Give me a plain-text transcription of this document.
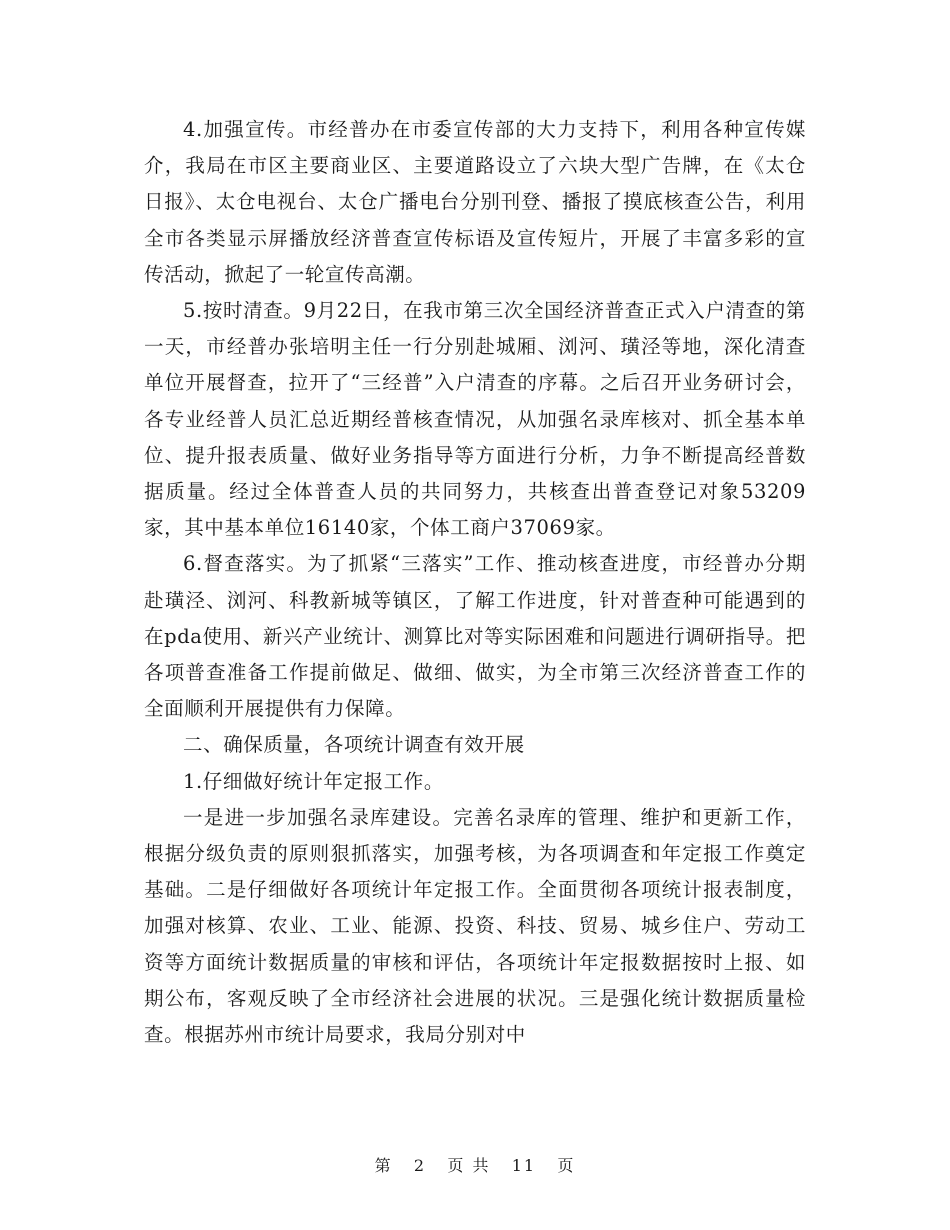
4.加强宣传。市经普办在市委宣传部的大力支持下，利用各种宣传媒介，我局在市区主要商业区、主要道路设立了六块大型广告牌，在《太仓日报》、太仓电视台、太仓广播电台分别刊登、播报了摸底核查公告，利用全市各类显示屏播放经济普查宣传标语及宣传短片，开展了丰富多彩的宣传活动，掀起了一轮宣传高潮。

5.按时清查。9月22日，在我市第三次全国经济普查正式入户清查的第一天，市经普办张培明主任一行分别赴城厢、浏河、璜泾等地，深化清查单位开展督查，拉开了“三经普”入户清查的序幕。之后召开业务研讨会，各专业经普人员汇总近期经普核查情况，从加强名录库核对、抓全基本单位、提升报表质量、做好业务指导等方面进行分析，力争不断提高经普数据质量。经过全体普查人员的共同努力，共核查出普查登记对象53209家，其中基本单位16140家，个体工商户37069家。

6.督查落实。为了抓紧“三落实”工作、推动核查进度，市经普办分期赴璜泾、浏河、科教新城等镇区，了解工作进度，针对普查种可能遇到的在pda使用、新兴产业统计、测算比对等实际困难和问题进行调研指导。把各项普查准备工作提前做足、做细、做实，为全市第三次经济普查工作的全面顺利开展提供有力保障。

二、确保质量，各项统计调查有效开展

1.仔细做好统计年定报工作。

一是进一步加强名录库建设。完善名录库的管理、维护和更新工作，根据分级负责的原则狠抓落实，加强考核，为各项调查和年定报工作奠定基础。二是仔细做好各项统计年定报工作。全面贯彻各项统计报表制度，加强对核算、农业、工业、能源、投资、科技、贸易、城乡住户、劳动工资等方面统计数据质量的审核和评估，各项统计年定报数据按时上报、如期公布，客观反映了全市经济社会进展的状况。三是强化统计数据质量检查。根据苏州市统计局要求，我局分别对中

第 2 页 共 11 页
